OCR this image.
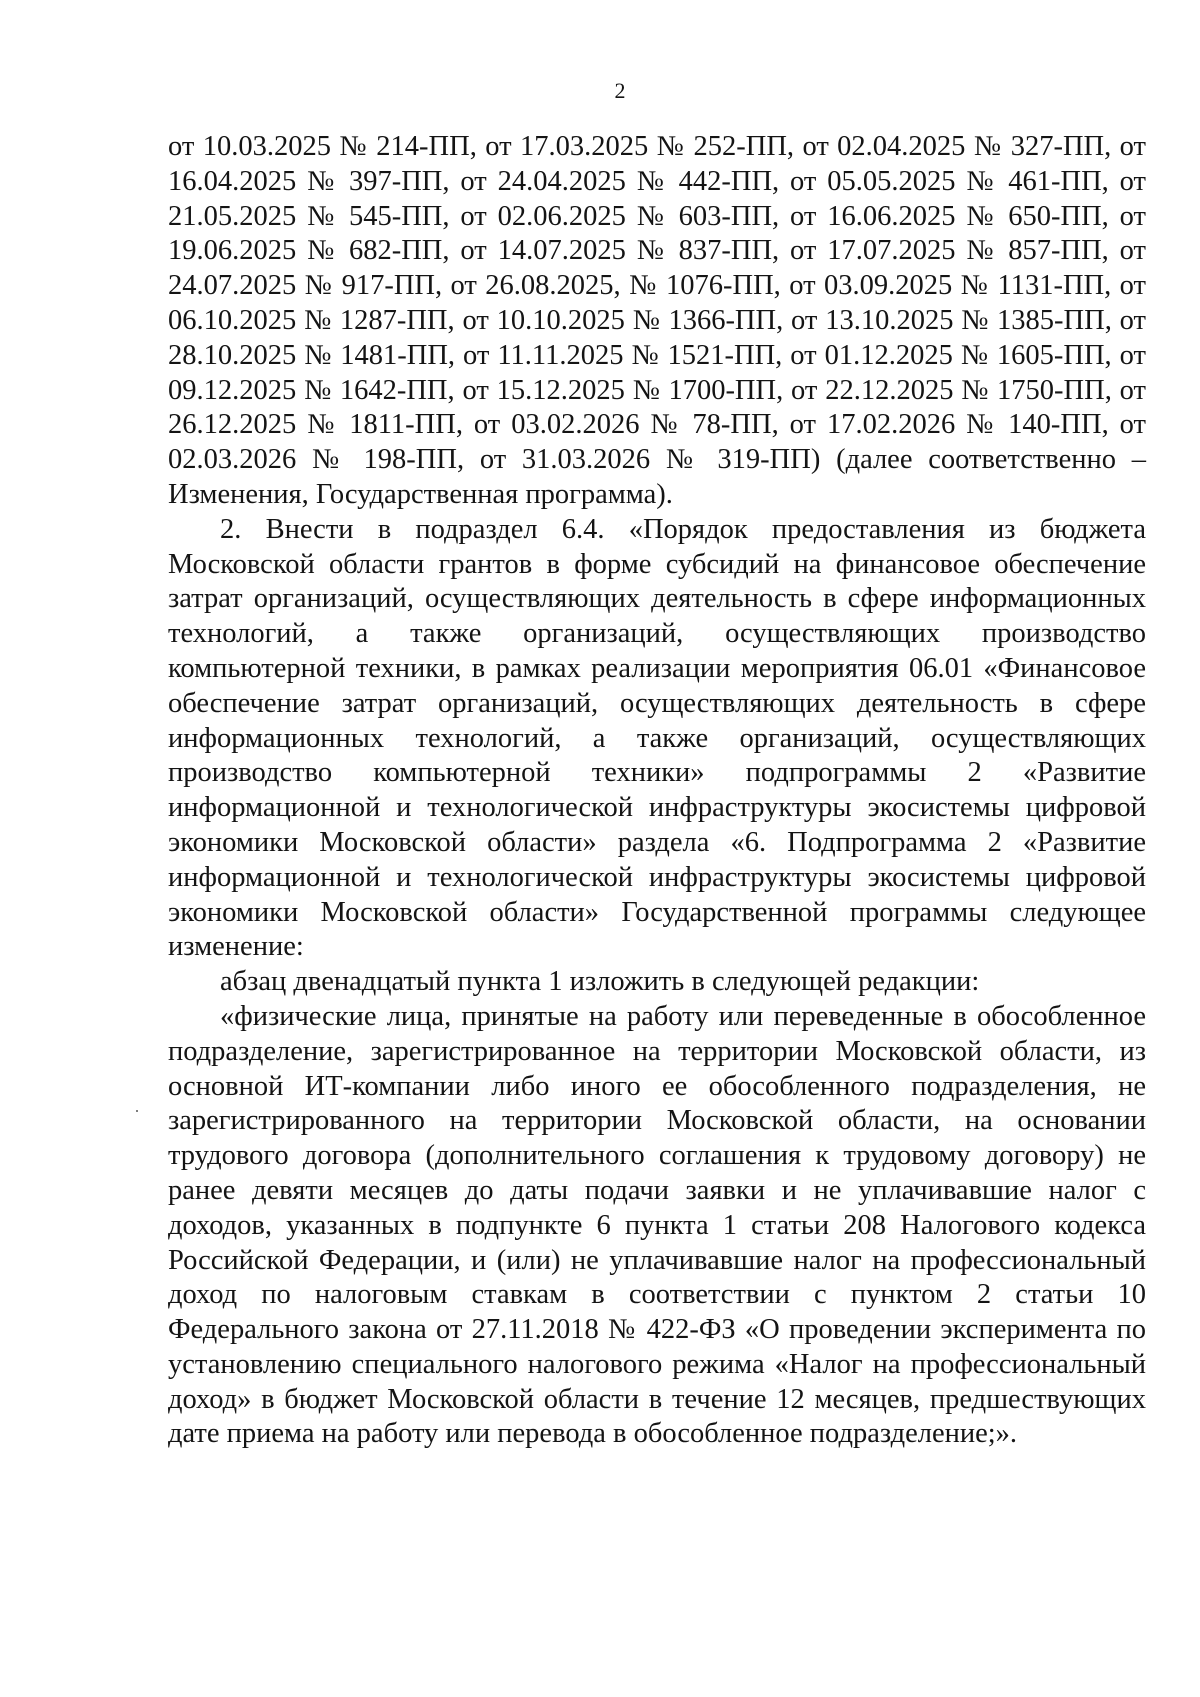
2

от 10.03.2025 № 214-ПП, от 17.03.2025 № 252-ПП, от 02.04.2025 № 327-ПП, от 16.04.2025 № 397-ПП, от 24.04.2025 № 442-ПП, от 05.05.2025 № 461-ПП, от 21.05.2025 № 545-ПП, от 02.06.2025 № 603-ПП, от 16.06.2025 № 650-ПП, от 19.06.2025 № 682-ПП, от 14.07.2025 № 837-ПП, от 17.07.2025 № 857-ПП, от 24.07.2025 № 917-ПП, от 26.08.2025, № 1076-ПП, от 03.09.2025 № 1131-ПП, от 06.10.2025 № 1287-ПП, от 10.10.2025 № 1366-ПП, от 13.10.2025 № 1385-ПП, от 28.10.2025 № 1481-ПП, от 11.11.2025 № 1521-ПП, от 01.12.2025 № 1605-ПП, от 09.12.2025 № 1642-ПП, от 15.12.2025 № 1700-ПП, от 22.12.2025 № 1750-ПП, от 26.12.2025 № 1811-ПП, от 03.02.2026 № 78-ПП, от 17.02.2026 № 140-ПП, от 02.03.2026 № 198-ПП, от 31.03.2026 № 319-ПП) (далее соответственно – Изменения, Государственная программа).

2. Внести в подраздел 6.4. «Порядок предоставления из бюджета Московской области грантов в форме субсидий на финансовое обеспечение затрат организаций, осуществляющих деятельность в сфере информационных технологий, а также организаций, осуществляющих производство компьютерной техники, в рамках реализации мероприятия 06.01 «Финансовое обеспечение затрат организаций, осуществляющих деятельность в сфере информационных технологий, а также организаций, осуществляющих производство компьютерной техники» подпрограммы 2 «Развитие информационной и технологической инфраструктуры экосистемы цифровой экономики Московской области» раздела «6. Подпрограмма 2 «Развитие информационной и технологической инфраструктуры экосистемы цифровой экономики Московской области» Государственной программы следующее изменение:

абзац двенадцатый пункта 1 изложить в следующей редакции:

«физические лица, принятые на работу или переведенные в обособленное подразделение, зарегистрированное на территории Московской области, из основной ИТ-компании либо иного ее обособленного подразделения, не зарегистрированного на территории Московской области, на основании трудового договора (дополнительного соглашения к трудовому договору) не ранее девяти месяцев до даты подачи заявки и не уплачивавшие налог с доходов, указанных в подпункте 6 пункта 1 статьи 208 Налогового кодекса Российской Федерации, и (или) не уплачивавшие налог на профессиональный доход по налоговым ставкам в соответствии с пунктом 2 статьи 10 Федерального закона от 27.11.2018 № 422-ФЗ «О проведении эксперимента по установлению специального налогового режима «Налог на профессиональный доход» в бюджет Московской области в течение 12 месяцев, предшествующих дате приема на работу или перевода в обособленное подразделение;».
